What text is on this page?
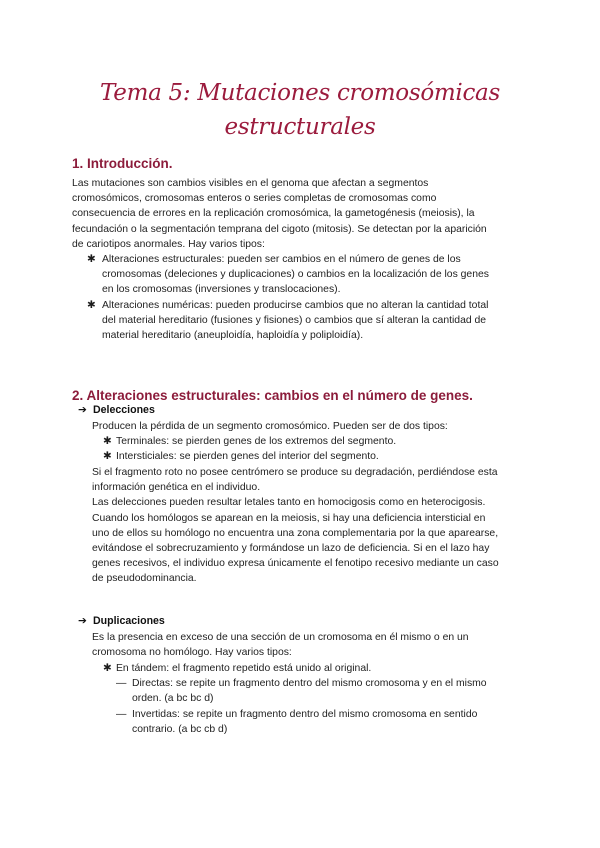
Tema 5: Mutaciones cromosómicas
estructurales
1. Introducción.
Las mutaciones son cambios visibles en el genoma que afectan a segmentos
cromosómicos, cromosomas enteros o series completas de cromosomas como
consecuencia de errores en la replicación cromosómica, la gametogénesis (meiosis), la
fecundación o la segmentación temprana del cigoto (mitosis). Se detectan por la aparición
de cariotipos anormales. Hay varios tipos:
✱ Alteraciones estructurales: pueden ser cambios en el número de genes de los
cromosomas (deleciones y duplicaciones) o cambios en la localización de los genes
en los cromosomas (inversiones y translocaciones).
✱ Alteraciones numéricas: pueden producirse cambios que no alteran la cantidad total
del material hereditario (fusiones y fisiones) o cambios que sí alteran la cantidad de
material hereditario (aneuploidía, haploidía y poliploidía).
2. Alteraciones estructurales: cambios en el número de genes.
➔ Delecciones
Producen la pérdida de un segmento cromosómico. Pueden ser de dos tipos:
✱ Terminales: se pierden genes de los extremos del segmento.
✱ Intersticiales: se pierden genes del interior del segmento.
Si el fragmento roto no posee centrómero se produce su degradación, perdiéndose esta
información genética en el individuo.
Las delecciones pueden resultar letales tanto en homocigosis como en heterocigosis.
Cuando los homólogos se aparean en la meiosis, si hay una deficiencia intersticial en
uno de ellos su homólogo no encuentra una zona complementaria por la que aparearse,
evitándose el sobrecruzamiento y formándose un lazo de deficiencia. Si en el lazo hay
genes recesivos, el individuo expresa únicamente el fenotipo recesivo mediante un caso
de pseudodominancia.
➔ Duplicaciones
Es la presencia en exceso de una sección de un cromosoma en él mismo o en un
cromosoma no homólogo. Hay varios tipos:
✱ En tándem: el fragmento repetido está unido al original.
— Directas: se repite un fragmento dentro del mismo cromosoma y en el mismo
orden. (a bc bc d)
— Invertidas: se repite un fragmento dentro del mismo cromosoma en sentido
contrario. (a bc cb d)
